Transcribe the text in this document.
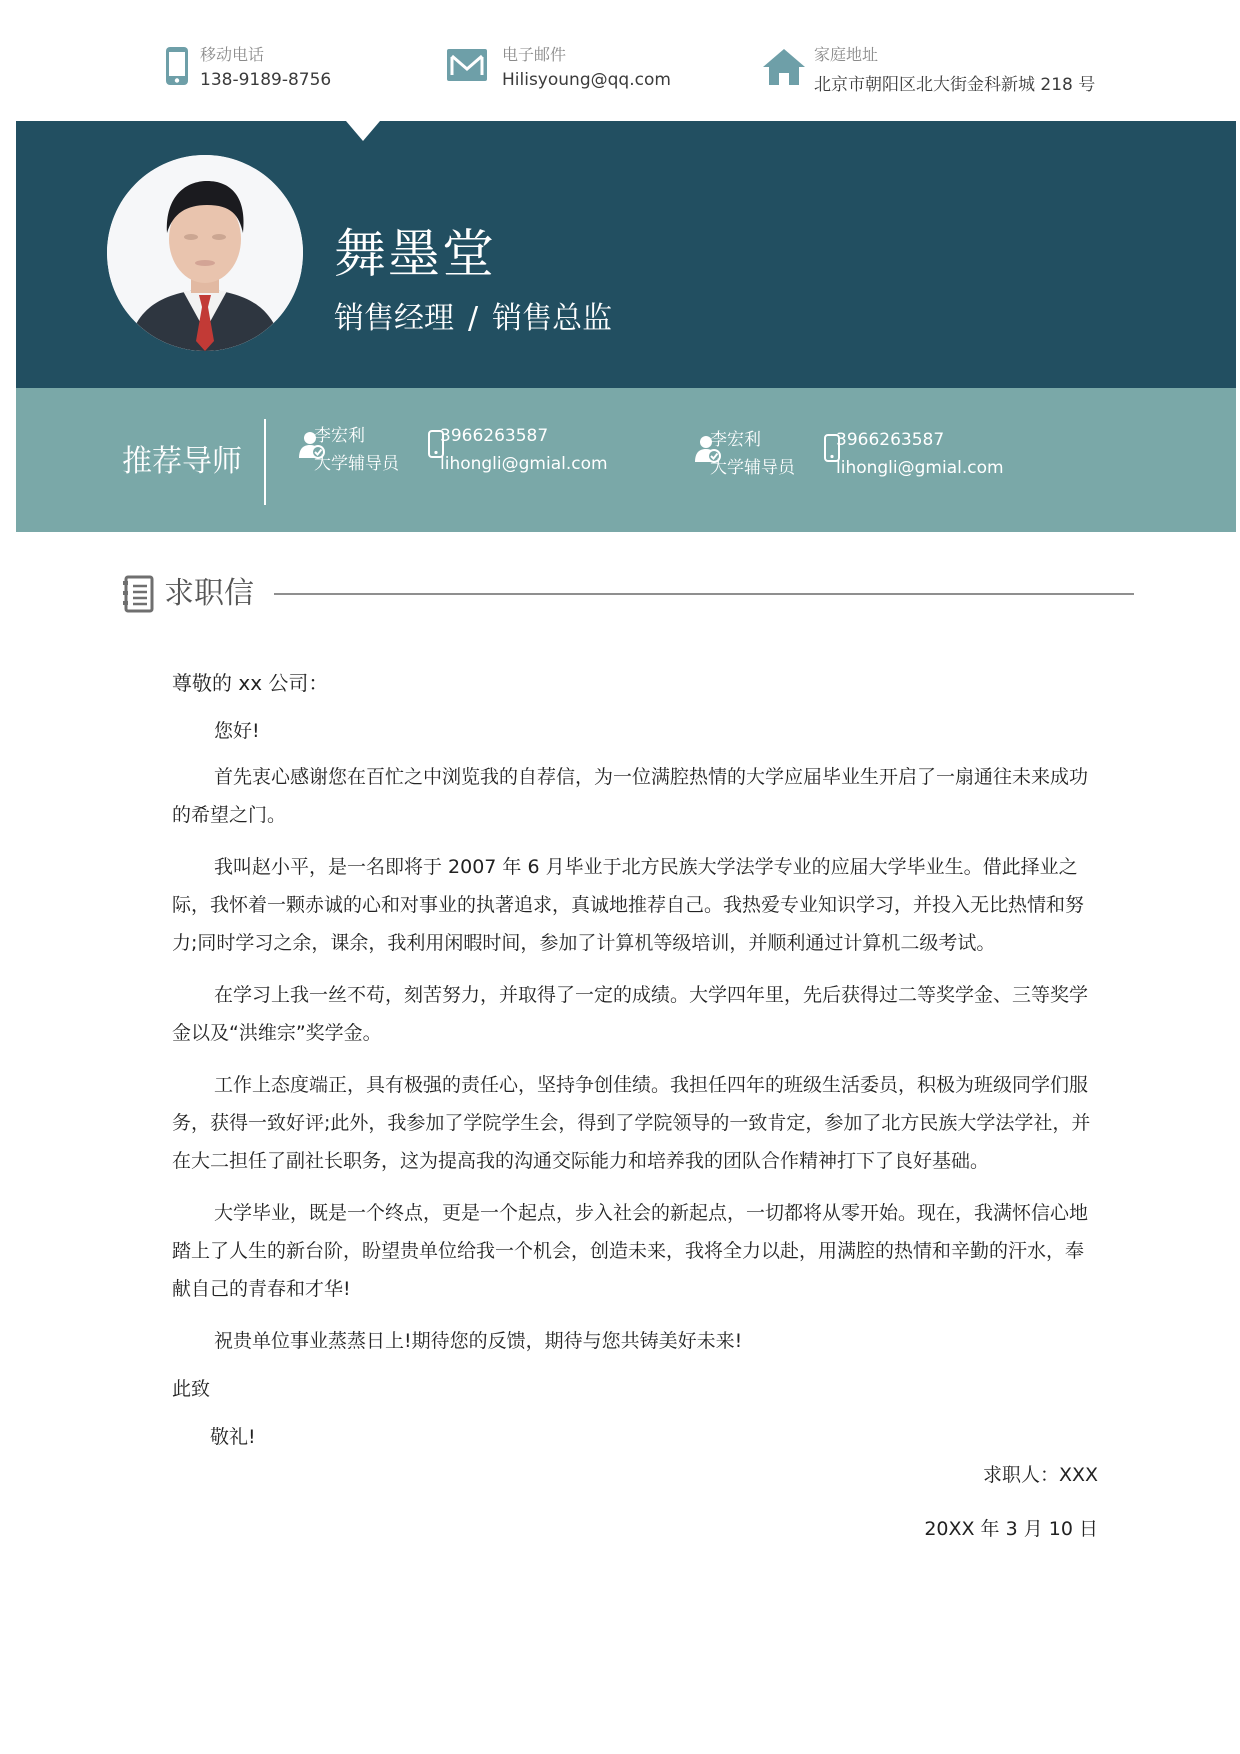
移动电话
138-9189-8756
电子邮件
Hilisyoung@qq.com
家庭地址
北京市朝阳区北大街金科新城 218 号
舞墨堂
销售经理 / 销售总监
推荐导师
李宏利
大学辅导员
3966263587
lihongli@gmial.com
李宏利
大学辅导员
3966263587
lihongli@gmial.com
求职信
尊敬的 xx 公司：
您好!
首先衷心感谢您在百忙之中浏览我的自荐信，为一位满腔热情的大学应届毕业生开启了一扇通往未来成功的希望之门。
我叫赵小平，是一名即将于 2007 年 6 月毕业于北方民族大学法学专业的应届大学毕业生。借此择业之际，我怀着一颗赤诚的心和对事业的执著追求，真诚地推荐自己。我热爱专业知识学习，并投入无比热情和努力;同时学习之余，课余，我利用闲暇时间，参加了计算机等级培训，并顺利通过计算机二级考试。
在学习上我一丝不苟，刻苦努力，并取得了一定的成绩。大学四年里，先后获得过二等奖学金、三等奖学金以及“洪维宗”奖学金。
工作上态度端正，具有极强的责任心，坚持争创佳绩。我担任四年的班级生活委员，积极为班级同学们服务，获得一致好评;此外，我参加了学院学生会，得到了学院领导的一致肯定，参加了北方民族大学法学社，并在大二担任了副社长职务，这为提高我的沟通交际能力和培养我的团队合作精神打下了良好基础。
大学毕业，既是一个终点，更是一个起点，步入社会的新起点，一切都将从零开始。现在，我满怀信心地踏上了人生的新台阶，盼望贵单位给我一个机会，创造未来，我将全力以赴，用满腔的热情和辛勤的汗水，奉献自己的青春和才华!
祝贵单位事业蒸蒸日上!期待您的反馈，期待与您共铸美好未来!
此致
敬礼!
求职人：XXX
20XX 年 3 月 10 日
